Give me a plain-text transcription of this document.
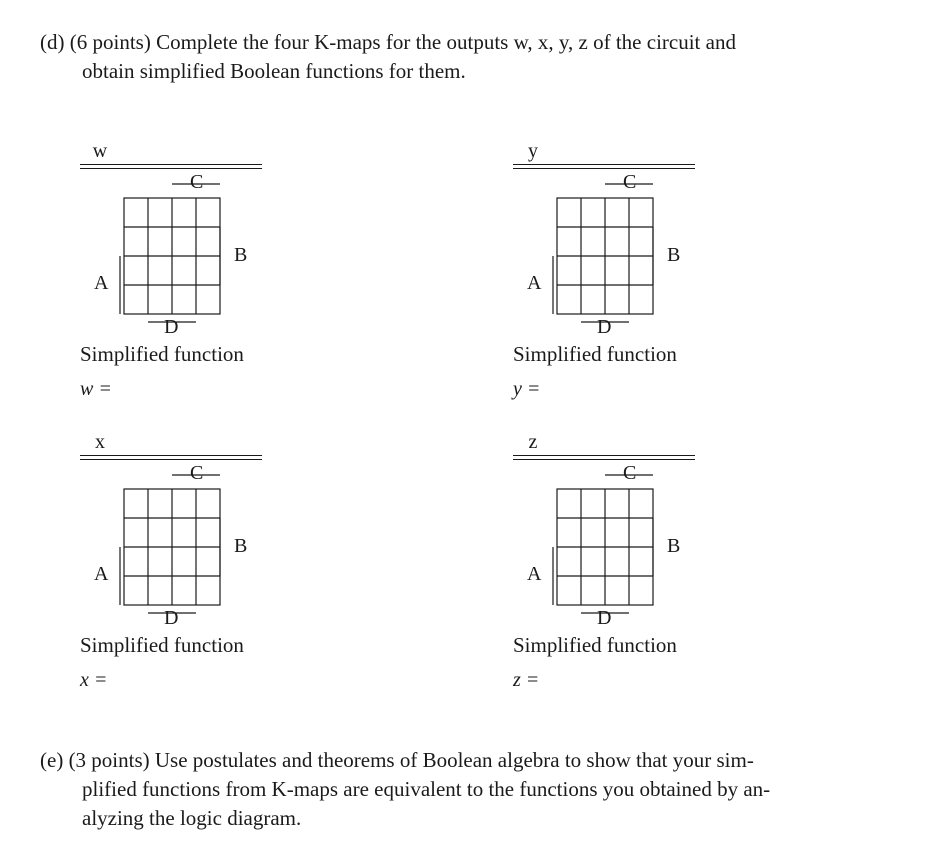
(d) (6 points) Complete the four K-maps for the outputs w, x, y, z of the circuit and
obtain simplified Boolean functions for them.
w
C
B
A
D
Simplified function
w =
y
C
B
A
D
Simplified function
y =
x
C
B
A
D
Simplified function
x =
z
C
B
A
D
Simplified function
z =
(e) (3 points) Use postulates and theorems of Boolean algebra to show that your sim-
plified functions from K-maps are equivalent to the functions you obtained by an-
alyzing the logic diagram.
